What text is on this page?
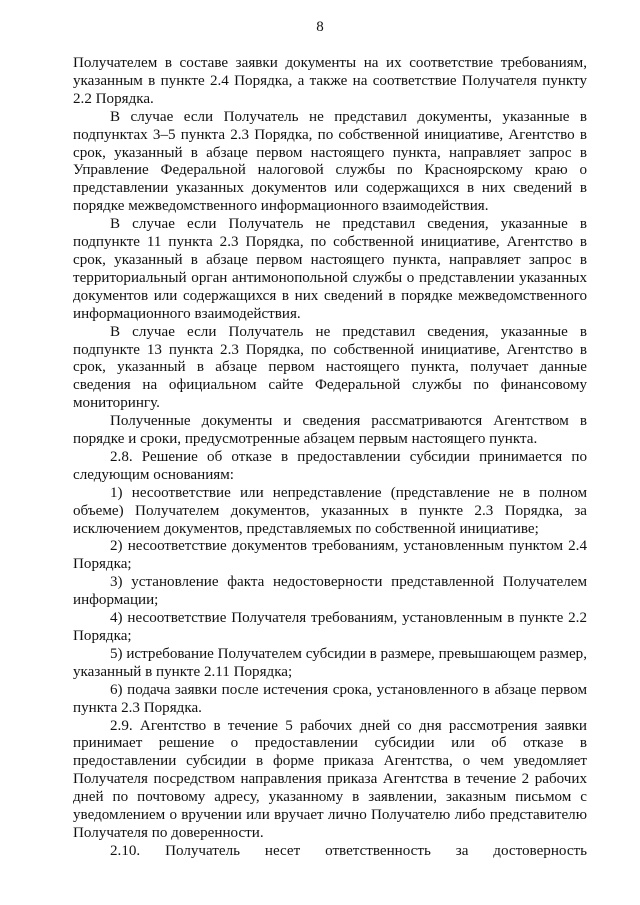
8

Получателем в составе заявки документы на их соответствие требованиям, указанным в пункте 2.4 Порядка, а также на соответствие Получателя пункту 2.2 Порядка.

В случае если Получатель не представил документы, указанные в подпунктах 3–5 пункта 2.3 Порядка, по собственной инициативе, Агентство в срок, указанный в абзаце первом настоящего пункта, направляет запрос в Управление Федеральной налоговой службы по Красноярскому краю о представлении указанных документов или содержащихся в них сведений в порядке межведомственного информационного взаимодействия.

В случае если Получатель не представил сведения, указанные в подпункте 11 пункта 2.3 Порядка, по собственной инициативе, Агентство в срок, указанный в абзаце первом настоящего пункта, направляет запрос в территориальный орган антимонопольной службы о представлении указанных документов или содержащихся в них сведений в порядке межведомственного информационного взаимодействия.

В случае если Получатель не представил сведения, указанные в подпункте 13 пункта 2.3 Порядка, по собственной инициативе, Агентство в срок, указанный в абзаце первом настоящего пункта, получает данные сведения на официальном сайте Федеральной службы по финансовому мониторингу.

Полученные документы и сведения рассматриваются Агентством в порядке и сроки, предусмотренные абзацем первым настоящего пункта.

2.8. Решение об отказе в предоставлении субсидии принимается по следующим основаниям:

1) несоответствие или непредставление (представление не в полном объеме) Получателем документов, указанных в пункте 2.3 Порядка, за исключением документов, представляемых по собственной инициативе;

2) несоответствие документов требованиям, установленным пунктом 2.4 Порядка;

3) установление факта недостоверности представленной Получателем информации;

4) несоответствие Получателя требованиям, установленным в пункте 2.2 Порядка;

5) истребование Получателем субсидии в размере, превышающем размер, указанный в пункте 2.11 Порядка;

6) подача заявки после истечения срока, установленного в абзаце первом пункта 2.3 Порядка.

2.9. Агентство в течение 5 рабочих дней со дня рассмотрения заявки принимает решение о предоставлении субсидии или об отказе в предоставлении субсидии в форме приказа Агентства, о чем уведомляет Получателя посредством направления приказа Агентства в течение 2 рабочих дней по почтовому адресу, указанному в заявлении, заказным письмом с уведомлением о вручении или вручает лично Получателю либо представителю Получателя по доверенности.

2.10. Получатель несет ответственность за достоверность
